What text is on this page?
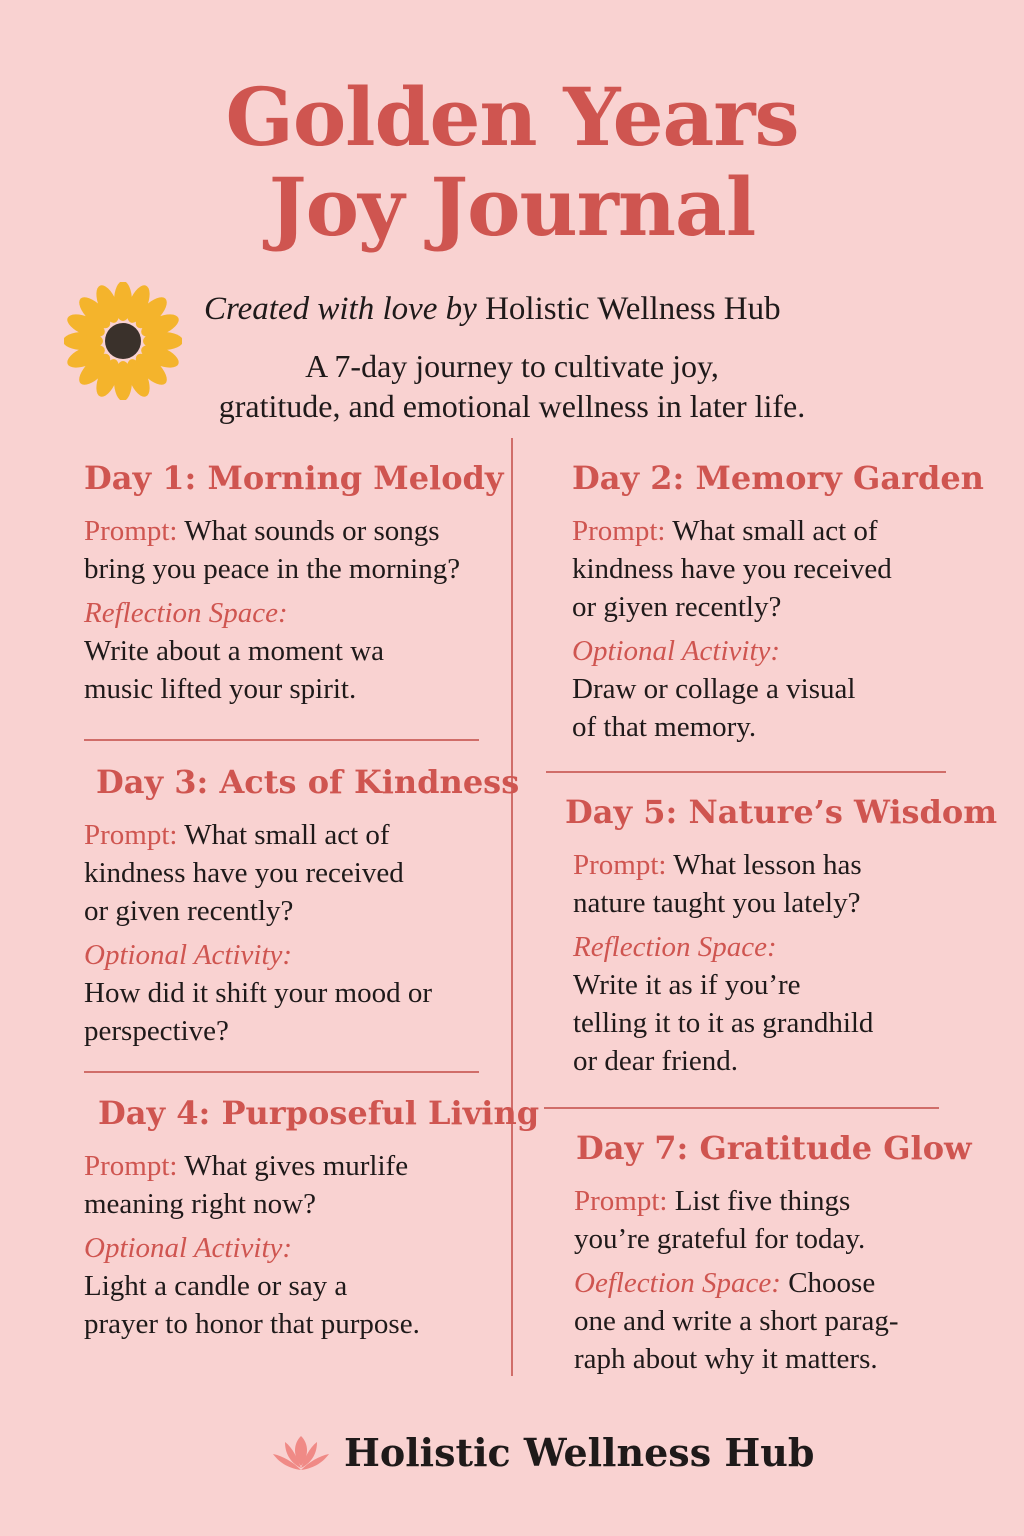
Golden Years
Joy Journal
Created with love by Holistic Wellness Hub
A 7-day journey to cultivate joy,
gratitude, and emotional wellness in later life.
Day 1: Morning Melody
Prompt: What sounds or songs
bring you peace in the morning?
Reflection Space:
Write about a moment wa
music lifted your spirit.
Day 3: Acts of Kindness
Prompt: What small act of
kindness have you received
or given recently?
Optional Activity:
How did it shift your mood or
perspective?
Day 4: Purposeful Living
Prompt: What gives murlife
meaning right now?
Optional Activity:
Light a candle or say a
prayer to honor that purpose.
Day 2: Memory Garden
Prompt: What small act of
kindness have you received
or giyen recently?
Optional Activity:
Draw or collage a visual
of that memory.
Day 5: Nature’s Wisdom
Prompt: What lesson has
nature taught you lately?
Reflection Space:
Write it as if you’re
telling it to it as grandhild
or dear friend.
Day 7: Gratitude Glow
Prompt: List five things
you’re grateful for today.
Oeflection Space: Choose
one and write a short parag-
raph about why it matters.
Holistic Wellness Hub
